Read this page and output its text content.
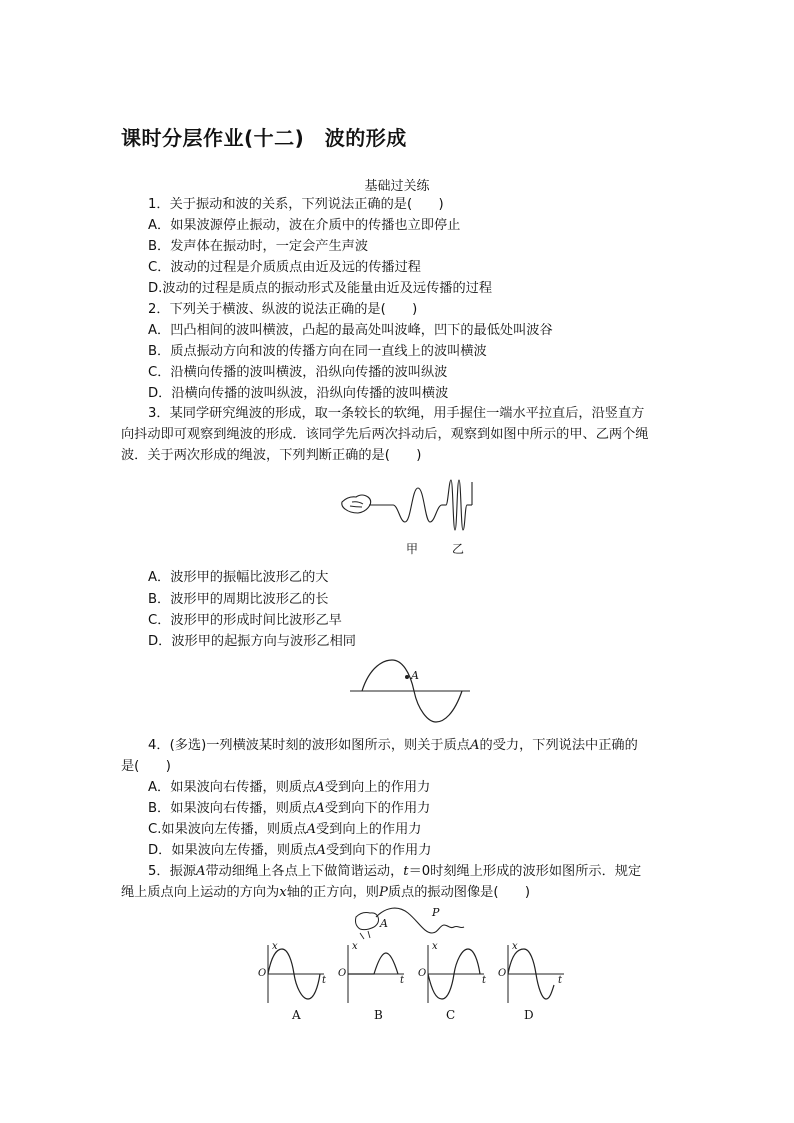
课时分层作业(十二)　波的形成
基础过关练
1．关于振动和波的关系，下列说法正确的是(　　)
A．如果波源停止振动，波在介质中的传播也立即停止
B．发声体在振动时，一定会产生声波
C．波动的过程是介质质点由近及远的传播过程
D.波动的过程是质点的振动形式及能量由近及远传播的过程
2．下列关于横波、纵波的说法正确的是(　　)
A．凹凸相间的波叫横波，凸起的最高处叫波峰，凹下的最低处叫波谷
B．质点振动方向和波的传播方向在同一直线上的波叫横波
C．沿横向传播的波叫横波，沿纵向传播的波叫纵波
D．沿横向传播的波叫纵波，沿纵向传播的波叫横波
3．某同学研究绳波的形成，取一条较长的软绳，用手握住一端水平拉直后，沿竖直方
向抖动即可观察到绳波的形成．该同学先后两次抖动后，观察到如图中所示的甲、乙两个绳
波．关于两次形成的绳波，下列判断正确的是(　　)
甲	乙
A．波形甲的振幅比波形乙的大
B．波形甲的周期比波形乙的长
C．波形甲的形成时间比波形乙早
D．波形甲的起振方向与波形乙相同
A
4．(多选)一列横波某时刻的波形如图所示，则关于质点A的受力，下列说法中正确的
是(　　)
A．如果波向右传播，则质点A受到向上的作用力
B．如果波向右传播，则质点A受到向下的作用力
C.如果波向左传播，则质点A受到向上的作用力
D．如果波向左传播，则质点A受到向下的作用力
5．振源A带动细绳上各点上下做简谐运动，t＝0时刻绳上形成的波形如图所示．规定
绳上质点向上运动的方向为x轴的正方向，则P质点的振动图像是(　　)
A
P
x
O
t
x
O
t
x
O
t
x
O
t
A	B	C	D
